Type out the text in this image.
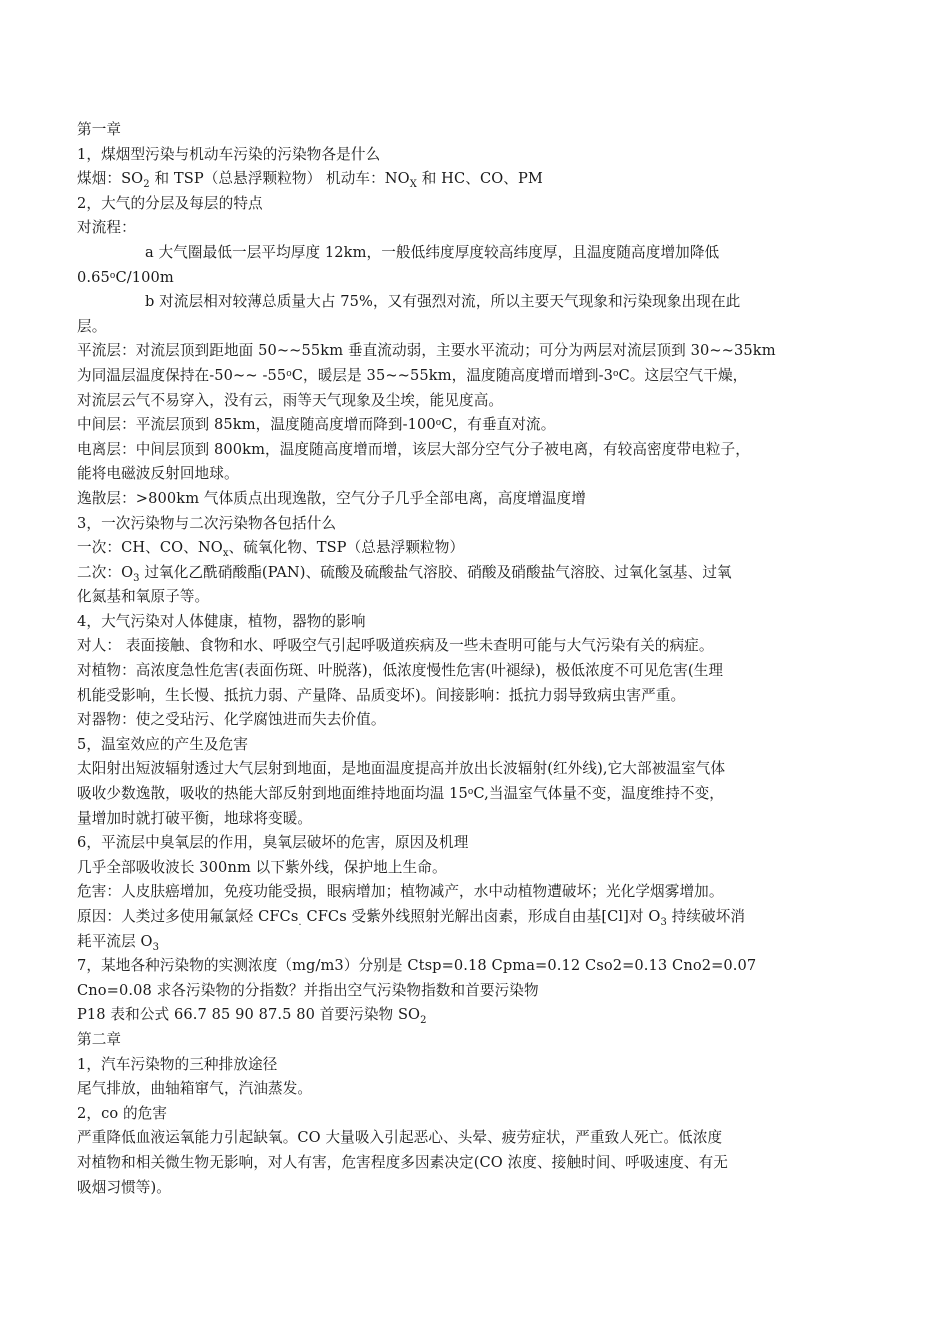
第一章
1，煤烟型污染与机动车污染的污染物各是什么
煤烟：$SO_2$ 和 TSP（总悬浮颗粒物） 机动车：$NO_X$ 和 HC、CO、PM
2，大气的分层及每层的特点
对流程：
a 大气圈最低一层平均厚度 12km，一般低纬度厚度较高纬度厚，且温度随高度增加降低
0.65$^o$C/100m
b 对流层相对较薄总质量大占 75%，又有强烈对流，所以主要天气现象和污染现象出现在此
层。
平流层：对流层顶到距地面 50~~55km 垂直流动弱，主要水平流动；可分为两层对流层顶到 30~~35km
为同温层温度保持在-50~~ -55$^o$C，暖层是 35~~55km，温度随高度增而增到-3$^o$C。这层空气干燥，
对流层云气不易穿入，没有云，雨等天气现象及尘埃，能见度高。
中间层：平流层顶到 85km，温度随高度增而降到-100$^o$C，有垂直对流。
电离层：中间层顶到 800km，温度随高度增而增，该层大部分空气分子被电离，有较高密度带电粒子，
能将电磁波反射回地球。
逸散层：>800km 气体质点出现逸散，空气分子几乎全部电离，高度增温度增
3，一次污染物与二次污染物各包括什么
一次：CH、CO、$NO_x$、硫氧化物、TSP（总悬浮颗粒物）
二次：$O_3$ 过氧化乙酰硝酸酯(PAN)、硫酸及硫酸盐气溶胶、硝酸及硝酸盐气溶胶、过氧化氢基、过氧
化氮基和氧原子等。
4，大气污染对人体健康，植物，器物的影响
对人： 表面接触、食物和水、呼吸空气引起呼吸道疾病及一些未查明可能与大气污染有关的病症。
对植物：高浓度急性危害(表面伤斑、叶脱落)，低浓度慢性危害(叶褪绿)，极低浓度不可见危害(生理
机能受影响，生长慢、抵抗力弱、产量降、品质变坏)。间接影响：抵抗力弱导致病虫害严重。
对器物：使之受玷污、化学腐蚀进而失去价值。
5，温室效应的产生及危害
太阳射出短波辐射透过大气层射到地面，是地面温度提高并放出长波辐射(红外线),它大部被温室气体
吸收少数逸散，吸收的热能大部反射到地面维持地面均温 15$^o$C,当温室气体量不变，温度维持不变，
量增加时就打破平衡，地球将变暖。
6，平流层中臭氧层的作用，臭氧层破坏的危害，原因及机理
几乎全部吸收波长 300nm 以下紫外线，保护地上生命。
危害：人皮肤癌增加，免疫功能受损，眼病增加；植物减产，水中动植物遭破坏；光化学烟雾增加。
原因：人类过多使用氟氯烃 CFCs$_.$ CFCs 受紫外线照射光解出卤素，形成自由基[Cl]对 $O_3$ 持续破坏消
耗平流层 $O_3$
7，某地各种污染物的实测浓度（mg/m3）分别是 Ctsp=0.18 Cpma=0.12 Cso2=0.13 Cno2=0.07
Cno=0.08 求各污染物的分指数？并指出空气污染物指数和首要污染物
P18 表和公式 66.7 85 90 87.5 80 首要污染物 $SO_2$
第二章
1，汽车污染物的三种排放途径
尾气排放，曲轴箱窜气，汽油蒸发。
2，co 的危害
严重降低血液运氧能力引起缺氧。CO 大量吸入引起恶心、头晕、疲劳症状，严重致人死亡。低浓度
对植物和相关微生物无影响，对人有害，危害程度多因素决定(CO 浓度、接触时间、呼吸速度、有无
吸烟习惯等)。
